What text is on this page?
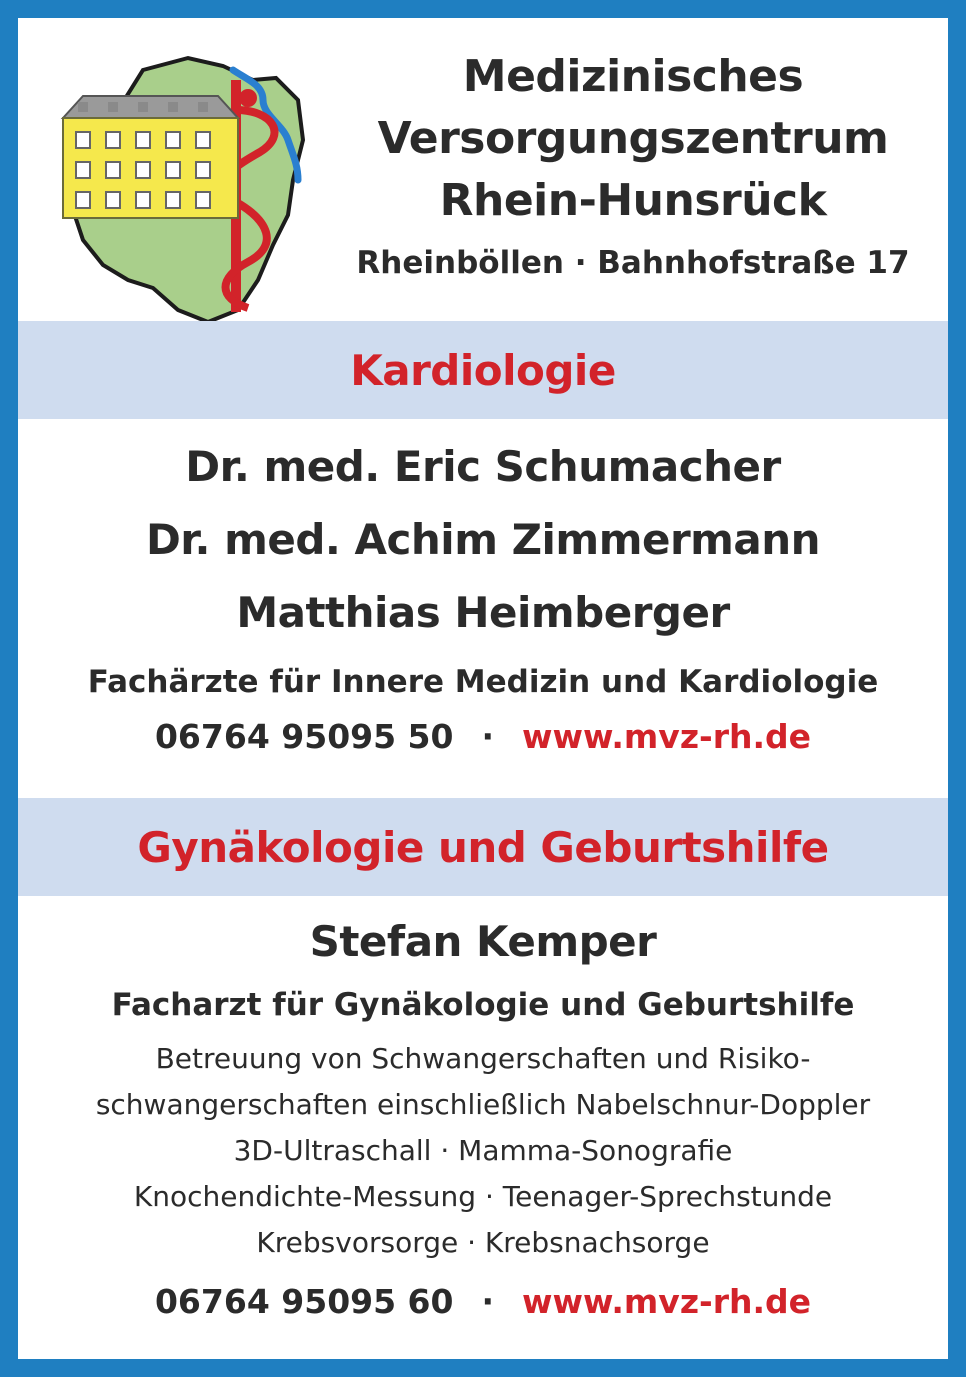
Medizinisches
Versorgungszentrum
Rhein-Hunsrück
Rheinböllen · Bahnhofstraße 17
Kardiologie
Dr. med. Eric Schumacher
Dr. med. Achim Zimmermann
Matthias Heimberger
Fachärzte für Innere Medizin und Kardiologie
06764 95095 50 · www.mvz-rh.de
Gynäkologie und Geburtshilfe
Stefan Kemper
Facharzt für Gynäkologie und Geburtshilfe
Betreuung von Schwangerschaften und Risiko-
schwangerschaften einschließlich Nabelschnur-Doppler
3D-Ultraschall · Mamma-Sonografie
Knochendichte-Messung · Teenager-Sprechstunde
Krebsvorsorge · Krebsnachsorge
06764 95095 60 · www.mvz-rh.de
